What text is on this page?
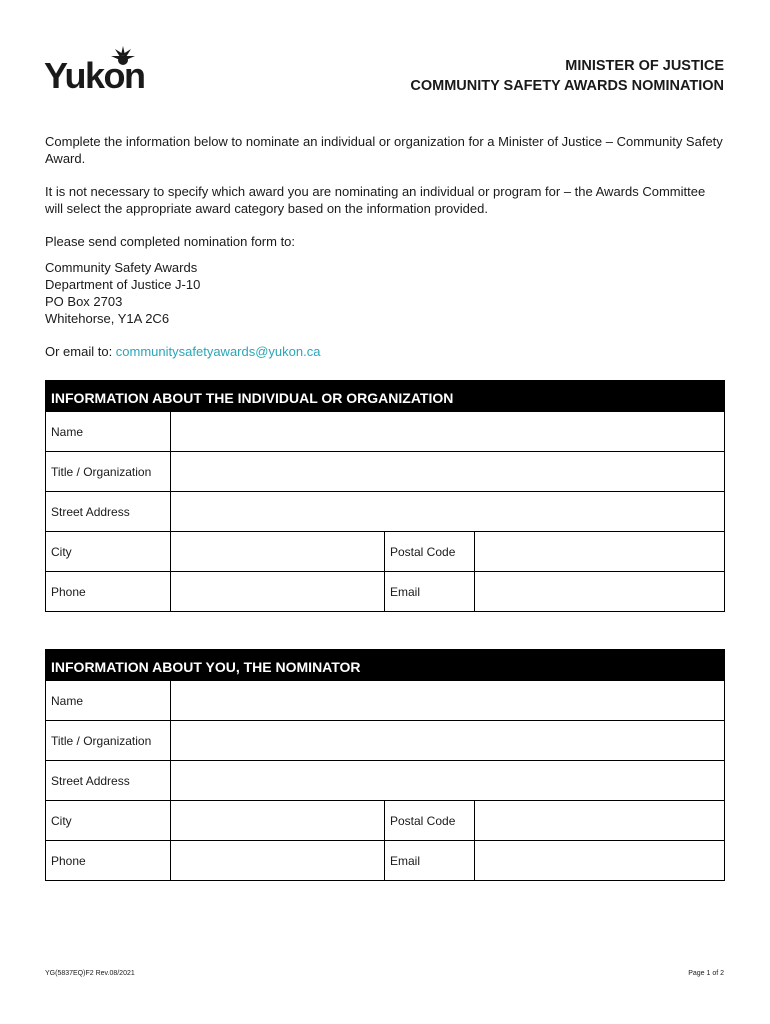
Yukon	MINISTER OF JUSTICE
COMMUNITY SAFETY AWARDS NOMINATION

Complete the information below to nominate an individual or organization for a Minister of Justice – Community Safety Award.

It is not necessary to specify which award you are nominating an individual or program for – the Awards Committee will select the appropriate award category based on the information provided.

Please send completed nomination form to:

Community Safety Awards
Department of Justice J-10
PO Box 2703
Whitehorse, Y1A 2C6

Or email to: communitysafetyawards@yukon.ca

INFORMATION ABOUT THE INDIVIDUAL OR ORGANIZATION
Name
Title / Organization
Street Address
City	Postal Code
Phone	Email
INFORMATION ABOUT YOU, THE NOMINATOR
Name
Title / Organization
Street Address
City	Postal Code
Phone	Email
YG(5837EQ)F2 Rev.08/2021	Page 1 of 2
